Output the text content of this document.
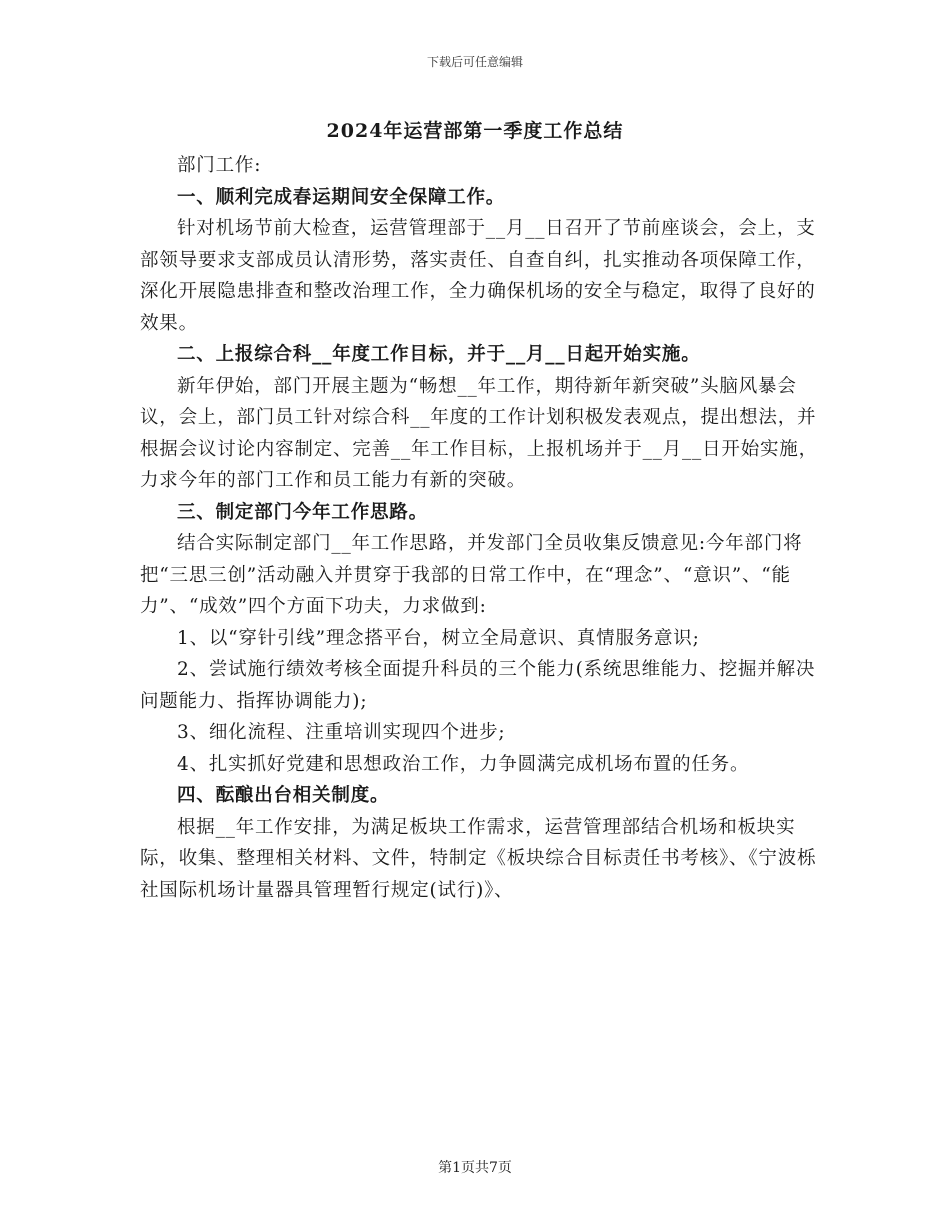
下载后可任意编辑
2024年运营部第一季度工作总结

部门工作:

一、顺利完成春运期间安全保障工作。

针对机场节前大检查，运营管理部于__月__日召开了节前座谈会，会上，支部领导要求支部成员认清形势，落实责任、自查自纠，扎实推动各项保障工作，深化开展隐患排查和整改治理工作，全力确保机场的安全与稳定，取得了良好的效果。

二、上报综合科__年度工作目标，并于__月__日起开始实施。

新年伊始，部门开展主题为“畅想__年工作，期待新年新突破”头脑风暴会议，会上，部门员工针对综合科__年度的工作计划积极发表观点，提出想法，并根据会议讨论内容制定、完善__年工作目标，上报机场并于__月__日开始实施，力求今年的部门工作和员工能力有新的突破。

三、制定部门今年工作思路。

结合实际制定部门__年工作思路，并发部门全员收集反馈意见:今年部门将把“三思三创”活动融入并贯穿于我部的日常工作中，在“理念”、“意识”、“能力”、“成效”四个方面下功夫，力求做到:

1、以“穿针引线”理念搭平台，树立全局意识、真情服务意识;

2、尝试施行绩效考核全面提升科员的三个能力(系统思维能力、挖掘并解决问题能力、指挥协调能力);

3、细化流程、注重培训实现四个进步;

4、扎实抓好党建和思想政治工作，力争圆满完成机场布置的任务。

四、酝酿出台相关制度。

根据__年工作安排，为满足板块工作需求，运营管理部结合机场和板块实际，收集、整理相关材料、文件，特制定《板块综合目标责任书考核》、《宁波栎社国际机场计量器具管理暂行规定(试行)》、

第1页共7页
